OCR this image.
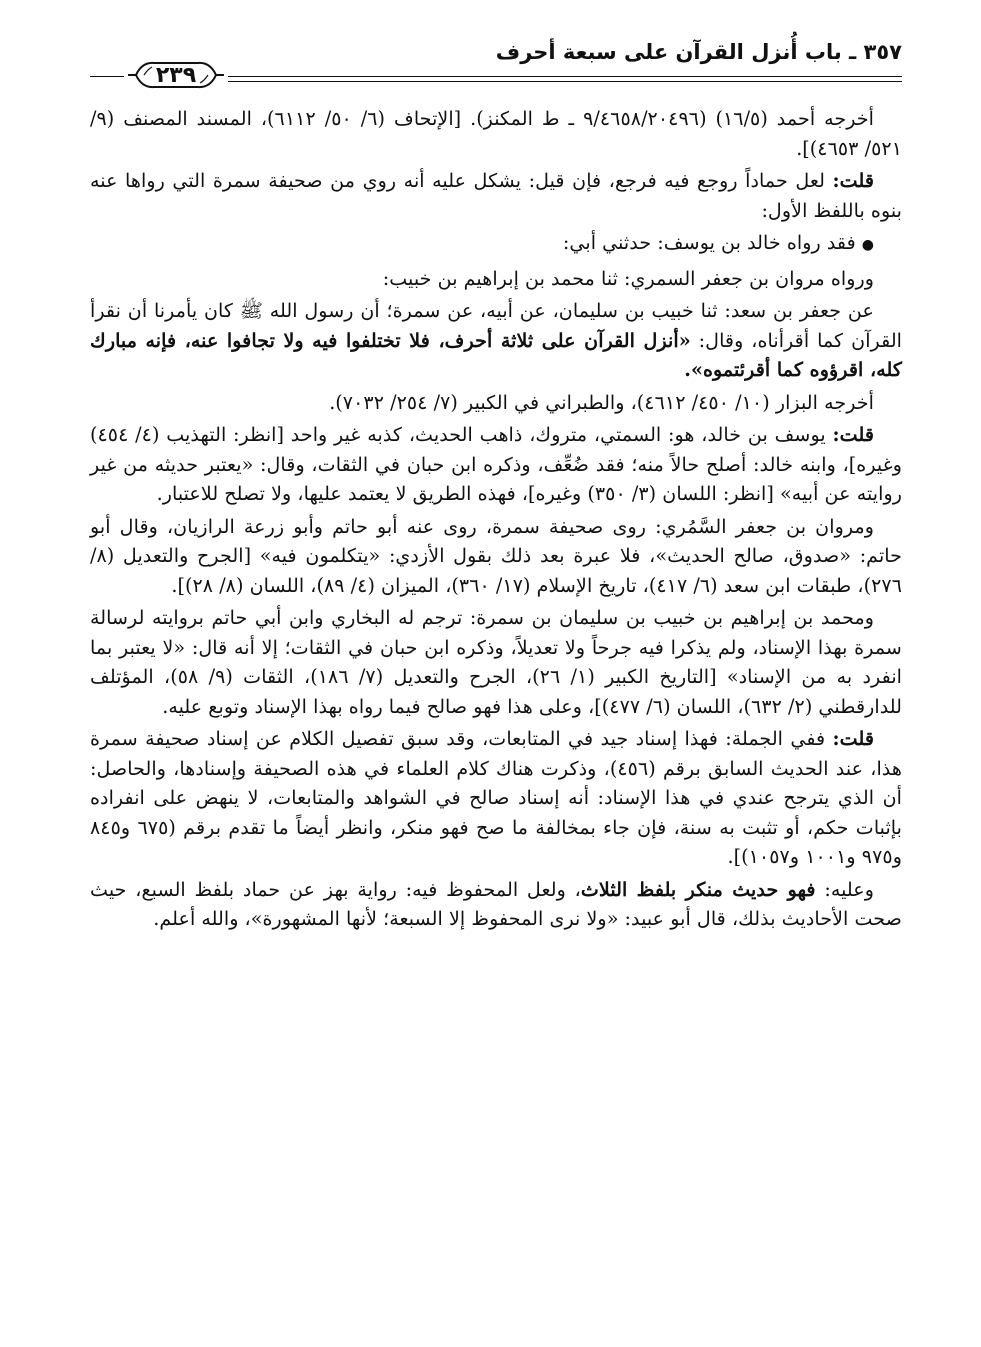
٣٥٧ ـ باب أُنزل القرآن على سبعة أحرف
٢٣٩

أخرجه أحمد (١٦/٥) (٩/٤٦٥٨/٢٠٤٩٦ ـ ط المكنز). [الإتحاف (٦/ ٥٠/ ٦١١٢)، المسند المصنف (٩/ ٥٢١/ ٤٦٥٣)].

قلت: لعل حماداً روجع فيه فرجع، فإن قيل: يشكل عليه أنه روي من صحيفة سمرة التي رواها عنه بنوه باللفظ الأول:

●فقد رواه خالد بن يوسف: حدثني أبي:

ورواه مروان بن جعفر السمري: ثنا محمد بن إبراهيم بن خبيب:

عن جعفر بن سعد: ثنا خبيب بن سليمان، عن أبيه، عن سمرة؛ أن رسول الله ﷺ كان يأمرنا أن نقرأ القرآن كما أقرأناه، وقال: «أنزل القرآن على ثلاثة أحرف، فلا تختلفوا فيه ولا تجافوا عنه، فإنه مبارك كله، اقرؤوه كما أقرئتموه».

أخرجه البزار (١٠/ ٤٥٠/ ٤٦١٢)، والطبراني في الكبير (٧/ ٢٥٤/ ٧٠٣٢).

قلت: يوسف بن خالد، هو: السمتي، متروك، ذاهب الحديث، كذبه غير واحد [انظر: التهذيب (٤/ ٤٥٤) وغيره]، وابنه خالد: أصلح حالاً منه؛ فقد ضُعِّف، وذكره ابن حبان في الثقات، وقال: «يعتبر حديثه من غير روايته عن أبيه» [انظر: اللسان (٣/ ٣٥٠) وغيره]، فهذه الطريق لا يعتمد عليها، ولا تصلح للاعتبار.

ومروان بن جعفر السَّمُري: روى صحيفة سمرة، روى عنه أبو حاتم وأبو زرعة الرازيان، وقال أبو حاتم: «صدوق، صالح الحديث»، فلا عبرة بعد ذلك بقول الأزدي: «يتكلمون فيه» [الجرح والتعديل (٨/ ٢٧٦)، طبقات ابن سعد (٦/ ٤١٧)، تاريخ الإسلام (١٧/ ٣٦٠)، الميزان (٤/ ٨٩)، اللسان (٨/ ٢٨)].

ومحمد بن إبراهيم بن خبيب بن سليمان بن سمرة: ترجم له البخاري وابن أبي حاتم بروايته لرسالة سمرة بهذا الإسناد، ولم يذكرا فيه جرحاً ولا تعديلاً، وذكره ابن حبان في الثقات؛ إلا أنه قال: «لا يعتبر بما انفرد به من الإسناد» [التاريخ الكبير (١/ ٢٦)، الجرح والتعديل (٧/ ١٨٦)، الثقات (٩/ ٥٨)، المؤتلف للدارقطني (٢/ ٦٣٢)، اللسان (٦/ ٤٧٧)]، وعلى هذا فهو صالح فيما رواه بهذا الإسناد وتوبع عليه.

قلت: ففي الجملة: فهذا إسناد جيد في المتابعات، وقد سبق تفصيل الكلام عن إسناد صحيفة سمرة هذا، عند الحديث السابق برقم (٤٥٦)، وذكرت هناك كلام العلماء في هذه الصحيفة وإسنادها، والحاصل: أن الذي يترجح عندي في هذا الإسناد: أنه إسناد صالح في الشواهد والمتابعات، لا ينهض على انفراده بإثبات حكم، أو تثبت به سنة، فإن جاء بمخالفة ما صح فهو منكر، وانظر أيضاً ما تقدم برقم (٦٧٥ و٨٤٥ و٩٧٥ و١٠٠١ و١٠٥٧)].

وعليه: فهو حديث منكر بلفظ الثلاث، ولعل المحفوظ فيه: رواية بهز عن حماد بلفظ السبع، حيث صحت الأحاديث بذلك، قال أبو عبيد: «ولا نرى المحفوظ إلا السبعة؛ لأنها المشهورة»، والله أعلم.
